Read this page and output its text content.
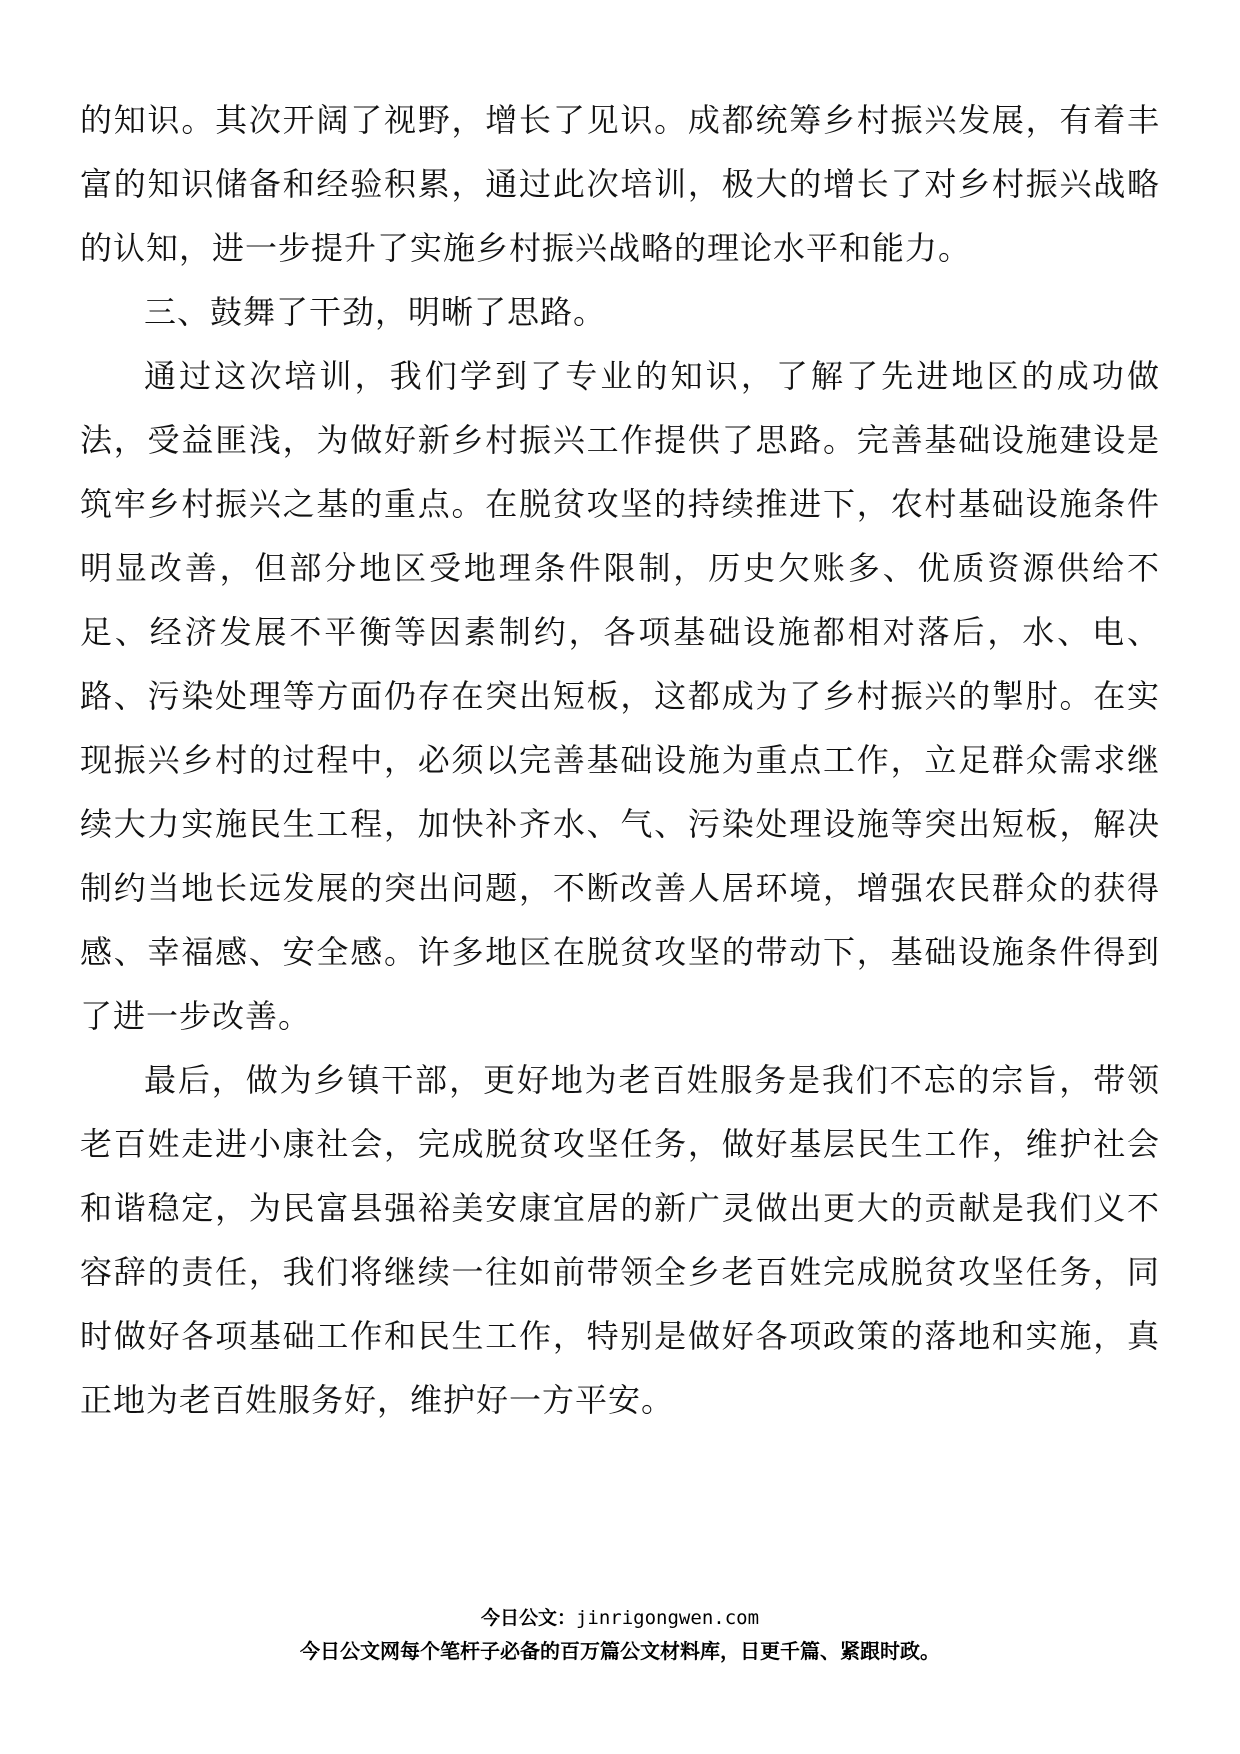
的知识。其次开阔了视野，增长了见识。成都统筹乡村振兴发展，有着丰富的知识储备和经验积累，通过此次培训，极大的增长了对乡村振兴战略的认知，进一步提升了实施乡村振兴战略的理论水平和能力。

三、鼓舞了干劲，明晰了思路。

通过这次培训，我们学到了专业的知识，了解了先进地区的成功做法，受益匪浅，为做好新乡村振兴工作提供了思路。完善基础设施建设是筑牢乡村振兴之基的重点。在脱贫攻坚的持续推进下，农村基础设施条件明显改善，但部分地区受地理条件限制，历史欠账多、优质资源供给不足、经济发展不平衡等因素制约，各项基础设施都相对落后，水、电、路、污染处理等方面仍存在突出短板，这都成为了乡村振兴的掣肘。在实现振兴乡村的过程中，必须以完善基础设施为重点工作，立足群众需求继续大力实施民生工程，加快补齐水、气、污染处理设施等突出短板，解决制约当地长远发展的突出问题，不断改善人居环境，增强农民群众的获得感、幸福感、安全感。许多地区在脱贫攻坚的带动下，基础设施条件得到了进一步改善。

最后，做为乡镇干部，更好地为老百姓服务是我们不忘的宗旨，带领老百姓走进小康社会，完成脱贫攻坚任务，做好基层民生工作，维护社会和谐稳定，为民富县强裕美安康宜居的新广灵做出更大的贡献是我们义不容辞的责任，我们将继续一往如前带领全乡老百姓完成脱贫攻坚任务，同时做好各项基础工作和民生工作，特别是做好各项政策的落地和实施，真正地为老百姓服务好，维护好一方平安。

今日公文：jinrigongwen.com
今日公文网每个笔杆子必备的百万篇公文材料库，日更千篇、紧跟时政。
